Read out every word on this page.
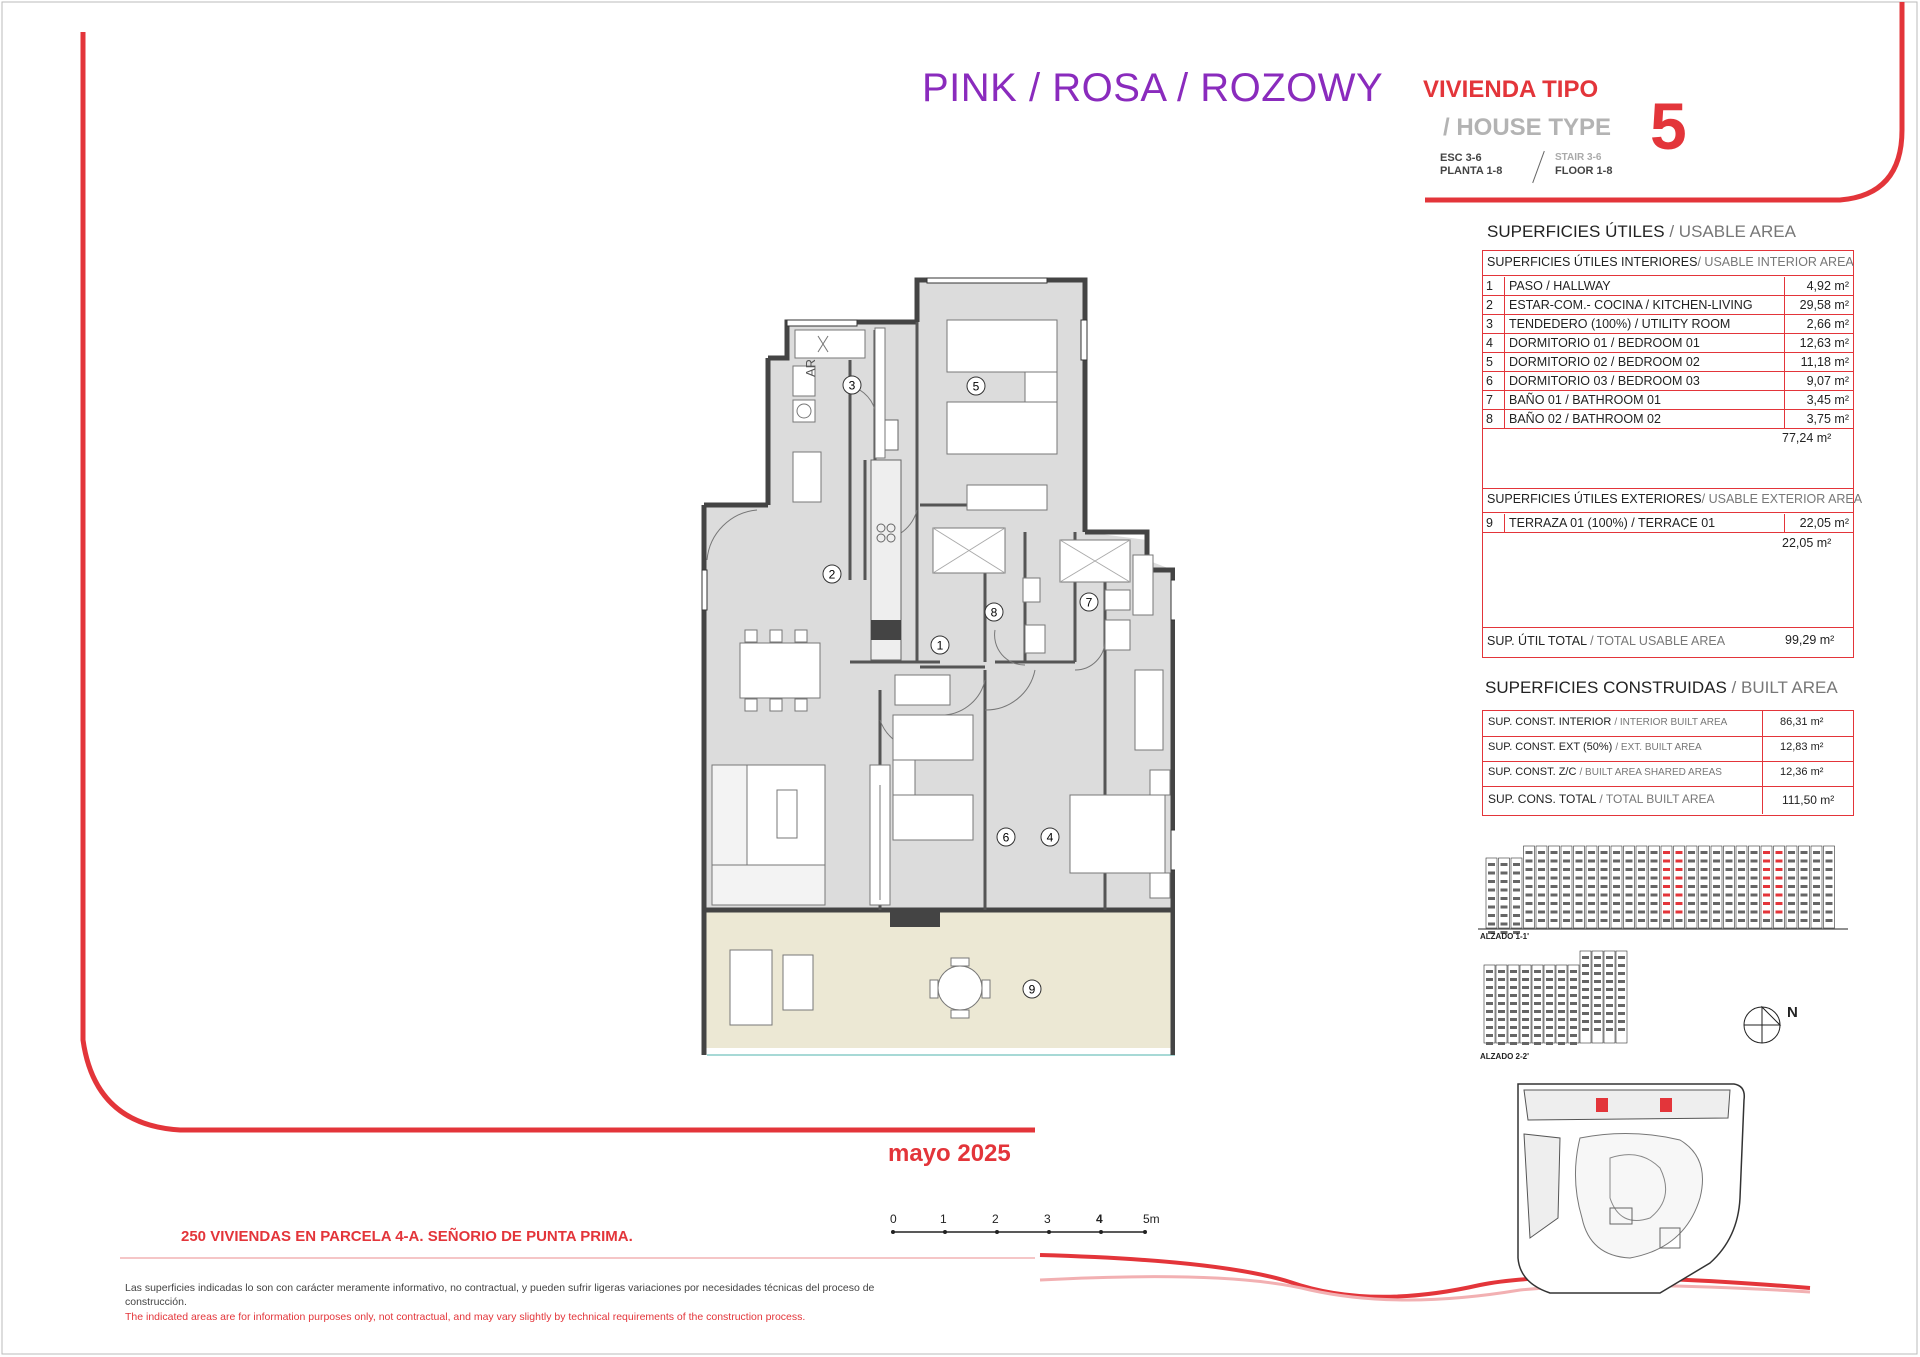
PINK / ROSA / ROZOWY VIVIENDA TIPO
/ HOUSE TYPE 5
ESC 3-6
PLANTA 1-8
STAIR 3-6
FLOOR 1-8
SUPERFICIES ÚTILES / USABLE AREA
SUPERFICIES ÚTILES INTERIORES/ USABLE INTERIOR AREA
1	PASO / HALLWAY	4,92 m²
2	ESTAR-COM.- COCINA / KITCHEN-LIVING	29,58 m²
3	TENDEDERO (100%) / UTILITY ROOM	2,66 m²
4	DORMITORIO 01 / BEDROOM 01	12,63 m²
5	DORMITORIO 02 / BEDROOM 02	11,18 m²
6	DORMITORIO 03 / BEDROOM 03	9,07 m²
7	BAÑO 01 / BATHROOM 01	3,45 m²
8	BAÑO 02 / BATHROOM 02	3,75 m²
77,24 m²
SUPERFICIES ÚTILES EXTERIORES/ USABLE EXTERIOR AREA
9	TERRAZA 01 (100%) / TERRACE 01	22,05 m²
22,05 m²
SUP. ÚTIL TOTAL / TOTAL USABLE AREA	99,29 m²
SUPERFICIES CONSTRUIDAS / BUILT AREA
SUP. CONST. INTERIOR / INTERIOR BUILT AREA	86,31 m²
SUP. CONST. EXT (50%) / EXT. BUILT AREA	12,83 m²
SUP. CONST. Z/C / BUILT AREA SHARED AREAS	12,36 m²
SUP. CONS. TOTAL / TOTAL BUILT AREA	111,50 m²
ALZADO 1-1'
ALZADO 2-2'
N
AR
1
2
3
4
5
6
7
8
9
0	1	2	3	4	5m
mayo 2025
250 VIVIENDAS EN PARCELA 4-A. SEÑORIO DE PUNTA PRIMA.
Las superficies indicadas lo son con carácter meramente informativo, no contractual, y pueden sufrir ligeras variaciones por necesidades técnicas del proceso de
construcción.
The indicated areas are for information purposes only, not contractual, and may vary slightly by technical requirements of the construction process.
